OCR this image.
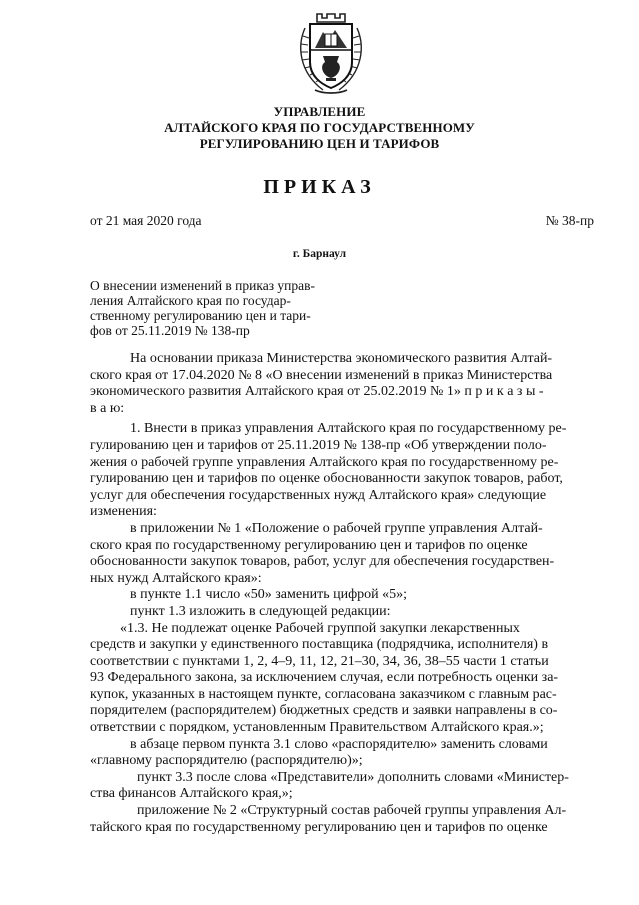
УПРАВЛЕНИЕ
АЛТАЙСКОГО КРАЯ ПО ГОСУДАРСТВЕННОМУ
РЕГУЛИРОВАНИЮ ЦЕН И ТАРИФОВ
ПРИКАЗ
от 21 мая 2020 года	№ 38-пр
г. Барнаул
О внесении изменений в приказ управ-
ления Алтайского края по государ-
ственному регулированию цен и тари-
фов от 25.11.2019 № 138-пр
На основании приказа Министерства экономического развития Алтай-
ского края от 17.04.2020 № 8 «О внесении изменений в приказ Министерства
экономического развития Алтайского края от 25.02.2019 № 1» п р и к а з ы -
в а ю:
1. Внести в приказ управления Алтайского края по государственному ре-
гулированию цен и тарифов от 25.11.2019 № 138-пр «Об утверждении поло-
жения о рабочей группе управления Алтайского края по государственному ре-
гулированию цен и тарифов по оценке обоснованности закупок товаров, работ,
услуг для обеспечения государственных нужд Алтайского края» следующие
изменения:
в приложении № 1 «Положение о рабочей группе управления Алтай-
ского края по государственному регулированию цен и тарифов по оценке
обоснованности закупок товаров, работ, услуг для обеспечения государствен-
ных нужд Алтайского края»:
в пункте 1.1 число «50» заменить цифрой «5»;
пункт 1.3 изложить в следующей редакции:
«1.3. Не подлежат оценке Рабочей группой закупки лекарственных
средств и закупки у единственного поставщика (подрядчика, исполнителя) в
соответствии с пунктами 1, 2, 4–9, 11, 12, 21–30, 34, 36, 38–55 части 1 статьи
93 Федерального закона, за исключением случая, если потребность оценки за-
купок, указанных в настоящем пункте, согласована заказчиком с главным рас-
порядителем (распорядителем) бюджетных средств и заявки направлены в со-
ответствии с порядком, установленным Правительством Алтайского края.»;
в абзаце первом пункта 3.1 слово «распорядителю» заменить словами
«главному распорядителю (распорядителю)»;
пункт 3.3 после слова «Представители» дополнить словами «Министер-
ства финансов Алтайского края,»;
приложение № 2 «Структурный состав рабочей группы управления Ал-
тайского края по государственному регулированию цен и тарифов по оценке
